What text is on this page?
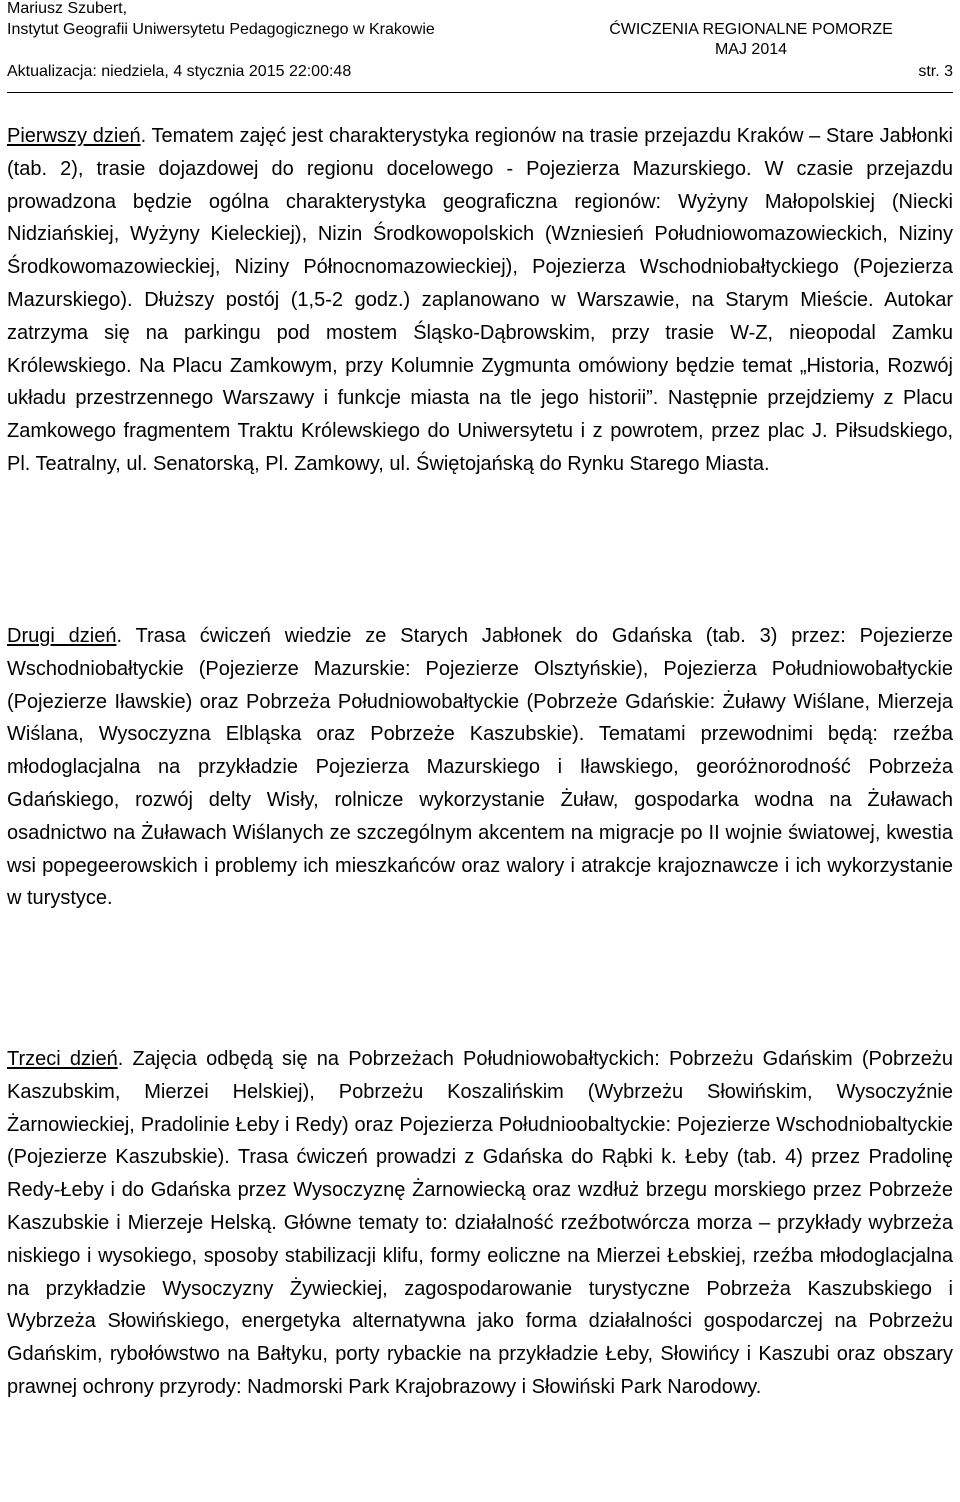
Mariusz Szubert,
Instytut Geografii Uniwersytetu Pedagogicznego w Krakowie	ĆWICZENIA REGIONALNE POMORZE
MAJ 2014
Aktualizacja: niedziela, 4 stycznia 2015 22:00:48	str. 3

Pierwszy dzień. Tematem zajęć jest charakterystyka regionów na trasie przejazdu Kraków – Stare Jabłonki (tab. 2), trasie dojazdowej do regionu docelowego - Pojezierza Mazurskiego. W czasie przejazdu prowadzona będzie ogólna charakterystyka geograficzna regionów: Wyżyny Małopolskiej (Niecki Nidziańskiej, Wyżyny Kieleckiej), Nizin Środkowopolskich (Wzniesień Południowomazowieckich, Niziny Środkowomazowieckiej, Niziny Północnomazowieckiej), Pojezierza Wschodniobałtyckiego (Pojezierza Mazurskiego). Dłuższy postój (1,5-2 godz.) zaplanowano w Warszawie, na Starym Mieście. Autokar zatrzyma się na parkingu pod mostem Śląsko-Dąbrowskim, przy trasie W-Z, nieopodal Zamku Królewskiego. Na Placu Zamkowym, przy Kolumnie Zygmunta omówiony będzie temat „Historia, Rozwój układu przestrzennego Warszawy i funkcje miasta na tle jego historii”. Następnie przejdziemy z Placu Zamkowego fragmentem Traktu Królewskiego do Uniwersytetu i z powrotem, przez plac J. Piłsudskiego, Pl. Teatralny, ul. Senatorską, Pl. Zamkowy, ul. Świętojańską do Rynku Starego Miasta.

Drugi dzień. Trasa ćwiczeń wiedzie ze Starych Jabłonek do Gdańska (tab. 3) przez: Pojezierze Wschodniobałtyckie (Pojezierze Mazurskie: Pojezierze Olsztyńskie), Pojezierza Południowobałtyckie (Pojezierze Iławskie) oraz Pobrzeża Południowobałtyckie (Pobrzeże Gdańskie: Żuławy Wiślane, Mierzeja Wiślana, Wysoczyzna Elbląska oraz Pobrzeże Kaszubskie). Tematami przewodnimi będą: rzeźba młodoglacjalna na przykładzie Pojezierza Mazurskiego i Iławskiego, georóżnorodność Pobrzeża Gdańskiego, rozwój delty Wisły, rolnicze wykorzystanie Żuław, gospodarka wodna na Żuławach osadnictwo na Żuławach Wiślanych ze szczególnym akcentem na migracje po II wojnie światowej, kwestia wsi popegeerowskich i problemy ich mieszkańców oraz walory i atrakcje krajoznawcze i ich wykorzystanie w turystyce.

Trzeci dzień. Zajęcia odbędą się na Pobrzeżach Południowobałtyckich: Pobrzeżu Gdańskim (Pobrzeżu Kaszubskim, Mierzei Helskiej), Pobrzeżu Koszalińskim (Wybrzeżu Słowińskim, Wysoczyźnie Żarnowieckiej, Pradolinie Łeby i Redy) oraz Pojezierza Południoobaltyckie: Pojezierze Wschodniobaltyckie (Pojezierze Kaszubskie). Trasa ćwiczeń prowadzi z Gdańska do Rąbki k. Łeby (tab. 4) przez Pradolinę Redy-Łeby i do Gdańska przez Wysoczyznę Żarnowiecką oraz wzdłuż brzegu morskiego przez Pobrzeże Kaszubskie i Mierzeje Helską. Główne tematy to: działalność rzeźbotwórcza morza – przykłady wybrzeża niskiego i wysokiego, sposoby stabilizacji klifu, formy eoliczne na Mierzei Łebskiej, rzeźba młodoglacjalna na przykładzie Wysoczyzny Żywieckiej, zagospodarowanie turystyczne Pobrzeża Kaszubskiego i Wybrzeża Słowińskiego, energetyka alternatywna jako forma działalności gospodarczej na Pobrzeżu Gdańskim, rybołówstwo na Bałtyku, porty rybackie na przykładzie Łeby, Słowińcy i Kaszubi oraz obszary prawnej ochrony przyrody: Nadmorski Park Krajobrazowy i Słowiński Park Narodowy.
